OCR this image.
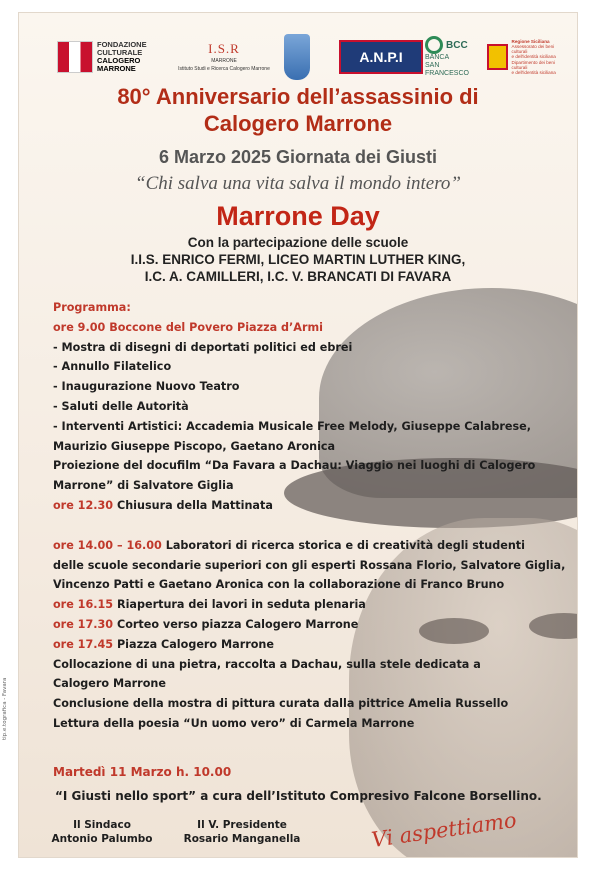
FONDAZIONE
CULTURALE
CALOGERO
MARRONE
I.S.R
MARRONE
Istituto Studi e Ricerca Calogero Marrone
A.N.P.I
BCC
BANCA
SAN
FRANCESCO
Regione Siciliana
Assessorato dei beni culturali
e dell'identità siciliana
Dipartimento dei beni culturali
e dell'identità siciliana
80° Anniversario dell’assassinio di
Calogero Marrone
6 Marzo 2025 Giornata dei Giusti
“Chi salva una vita salva il mondo intero”
Marrone Day
Con la partecipazione delle scuole
I.I.S. ENRICO FERMI, LICEO MARTIN LUTHER KING,
I.C. A. CAMILLERI, I.C. V. BRANCATI DI FAVARA
Programma:
ore 9.00 Boccone del Povero Piazza d’Armi
- Mostra di disegni di deportati politici ed ebrei
- Annullo Filatelico
- Inaugurazione Nuovo Teatro
- Saluti delle Autorità
- Interventi Artistici: Accademia Musicale Free Melody, Giuseppe Calabrese,
Maurizio Giuseppe Piscopo, Gaetano Aronica
Proiezione del docufilm “Da Favara a Dachau: Viaggio nei luoghi di Calogero
Marrone” di Salvatore Giglia
ore 12.30 Chiusura della Mattinata
ore 14.00 – 16.00 Laboratori di ricerca storica e di creatività degli studenti
delle scuole secondarie superiori con gli esperti Rossana Florio, Salvatore Giglia,
Vincenzo Patti e Gaetano Aronica con la collaborazione di Franco Bruno
ore 16.15 Riapertura dei lavori in seduta plenaria
ore 17.30 Corteo verso piazza Calogero Marrone
ore 17.45 Piazza Calogero Marrone
Collocazione di una pietra, raccolta a Dachau, sulla stele dedicata a
Calogero Marrone
Conclusione della mostra di pittura curata dalla pittrice Amelia Russello
Lettura della poesia “Un uomo vero” di Carmela Marrone
Martedì 11 Marzo h. 10.00
“I Giusti nello sport” a cura dell’Istituto Compresivo Falcone Borsellino.
Il Sindaco
Antonio Palumbo
Il V. Presidente
Rosario Manganella	Vi aspettiamo
tip.e.tografica - Favara
